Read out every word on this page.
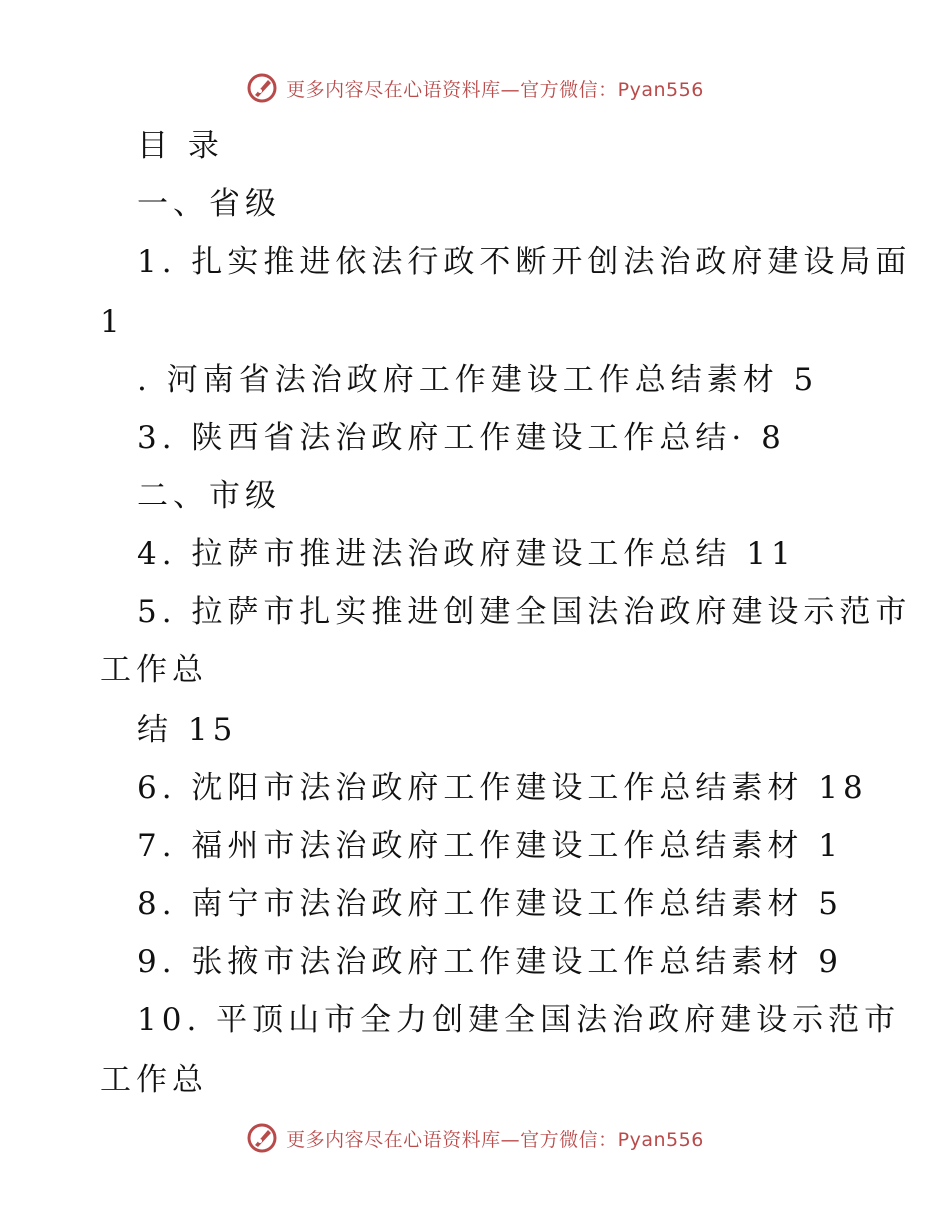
更多内容尽在心语资料库—官方微信：Pyan556
目 录
一、省级
1. 扎实推进依法行政不断开创法治政府建设局面
1
. 河南省法治政府工作建设工作总结素材 5
3. 陕西省法治政府工作建设工作总结· 8
二、市级
4. 拉萨市推进法治政府建设工作总结 11
5. 拉萨市扎实推进创建全国法治政府建设示范市
工作总
结 15
6. 沈阳市法治政府工作建设工作总结素材 18
7. 福州市法治政府工作建设工作总结素材 1
8. 南宁市法治政府工作建设工作总结素材 5
9. 张掖市法治政府工作建设工作总结素材 9
10. 平顶山市全力创建全国法治政府建设示范市
工作总
更多内容尽在心语资料库—官方微信：Pyan556
